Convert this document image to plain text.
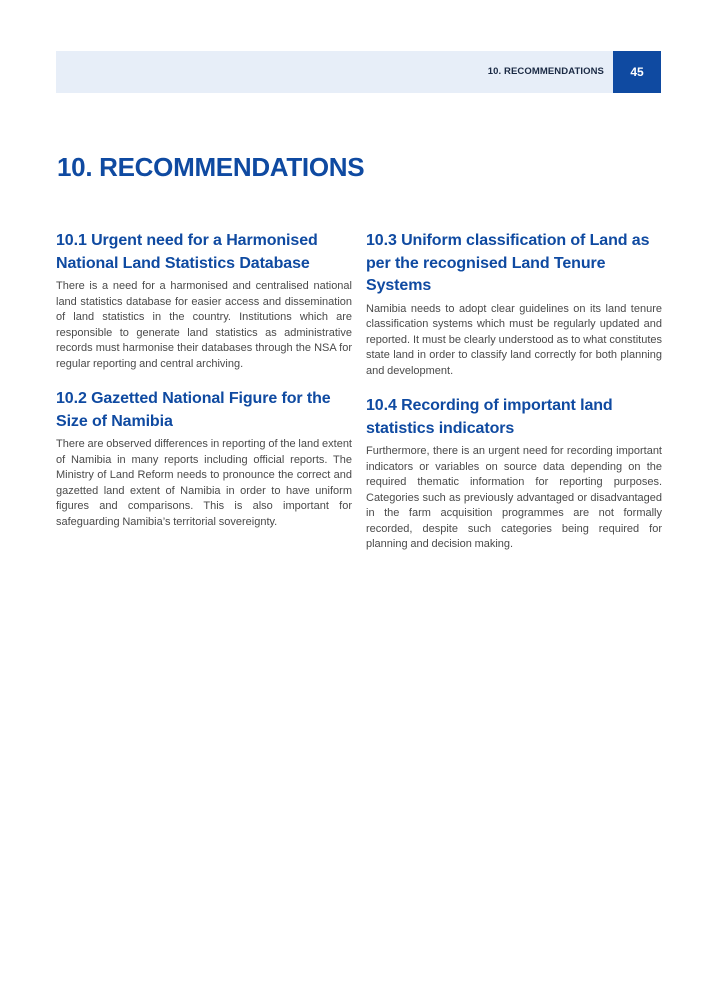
10. RECOMMENDATIONS	45
10. RECOMMENDATIONS
10.1 Urgent need for a Harmonised National Land Statistics Database

There is a need for a harmonised and centralised national land statistics database for easier access and dissemination of land statistics in the country. Institutions which are responsible to generate land statistics as administrative records must harmonise their databases through the NSA for regular reporting and central archiving.

10.2 Gazetted National Figure for the Size of Namibia

There are observed differences in reporting of the land extent of Namibia in many reports including official reports. The Ministry of Land Reform needs to pronounce the correct and gazetted land extent of Namibia in order to have uniform figures and comparisons. This is also important for safeguarding Namibia’s territorial sovereignty.

10.3 Uniform classification of Land as per the recognised Land Tenure Systems

Namibia needs to adopt clear guidelines on its land tenure classification systems which must be regularly updated and reported. It must be clearly understood as to what constitutes state land in order to classify land correctly for both planning and development.

10.4 Recording of important land statistics indicators

Furthermore, there is an urgent need for recording important indicators or variables on source data depending on the required thematic information for reporting purposes. Categories such as previously advantaged or disadvantaged in the farm acquisition programmes are not formally recorded, despite such categories being required for planning and decision making.
